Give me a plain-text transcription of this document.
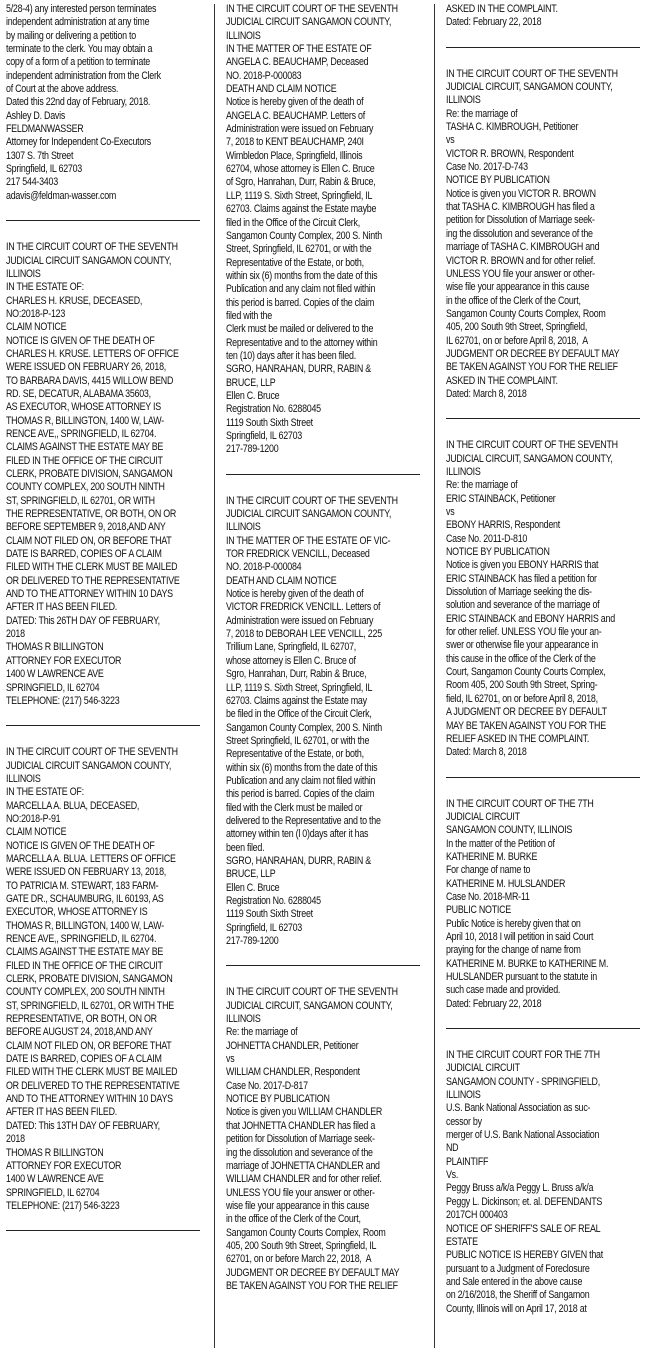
5/28-4) any interested person terminates
independent administration at any time
by mailing or delivering a petition to
terminate to the clerk. You may obtain a
copy of a form of a petition to terminate
independent administration from the Clerk
of Court at the above address.
Dated this 22nd day of February, 2018.
Ashley D. Davis
FELDMANWASSER
Attorney for Independent Co-Executors
1307 S. 7th Street
Springfield, IL 62703
217 544-3403
adavis@feldman-wasser.com
IN THE CIRCUIT COURT OF THE SEVENTH
JUDICIAL CIRCUIT SANGAMON COUNTY,
ILLINOIS
IN THE ESTATE OF:
CHARLES H. KRUSE, DECEASED,
NO:2018-P-123
CLAIM NOTICE
NOTICE IS GIVEN OF THE DEATH OF
CHARLES H. KRUSE. LETTERS OF OFFICE
WERE ISSUED ON FEBRUARY 26, 2018,
TO BARBARA DAVIS, 4415 WILLOW BEND
RD. SE, DECATUR, ALABAMA 35603,
AS EXECUTOR, WHOSE ATTORNEY IS
THOMAS R, BILLINGTON, 1400 W, LAW-
RENCE AVE,, SPRINGFIELD, IL 62704.
CLAIMS AGAINST THE ESTATE MAY BE
FILED IN THE OFFICE OF THE CIRCUIT
CLERK, PROBATE DIVISION, SANGAMON
COUNTY COMPLEX, 200 SOUTH NINTH
ST, SPRINGFIELD, IL 62701, OR WITH
THE REPRESENTATIVE, OR BOTH, ON OR
BEFORE SEPTEMBER 9, 2018,AND ANY
CLAIM NOT FILED ON, OR BEFORE THAT
DATE IS BARRED, COPIES OF A CLAIM
FILED WITH THE CLERK MUST BE MAILED
OR DELIVERED TO THE REPRESENTATIVE
AND TO THE ATTORNEY WITHIN 10 DAYS
AFTER IT HAS BEEN FILED.
DATED: This 26TH DAY OF FEBRUARY,
2018
THOMAS R BILLINGTON
ATTORNEY FOR EXECUTOR
1400 W LAWRENCE AVE
SPRINGFIELD, IL 62704
TELEPHONE: (217) 546-3223
IN THE CIRCUIT COURT OF THE SEVENTH
JUDICIAL CIRCUIT SANGAMON COUNTY,
ILLINOIS
IN THE ESTATE OF:
MARCELLA A. BLUA, DECEASED,
NO:2018-P-91
CLAIM NOTICE
NOTICE IS GIVEN OF THE DEATH OF
MARCELLA A. BLUA. LETTERS OF OFFICE
WERE ISSUED ON FEBRUARY 13, 2018,
TO PATRICIA M. STEWART, 183 FARM-
GATE DR., SCHAUMBURG, IL 60193, AS
EXECUTOR, WHOSE ATTORNEY IS
THOMAS R, BILLINGTON, 1400 W, LAW-
RENCE AVE,, SPRINGFIELD, IL 62704.
CLAIMS AGAINST THE ESTATE MAY BE
FILED IN THE OFFICE OF THE CIRCUIT
CLERK, PROBATE DIVISION, SANGAMON
COUNTY COMPLEX, 200 SOUTH NINTH
ST, SPRINGFIELD, IL 62701, OR WITH THE
REPRESENTATIVE, OR BOTH, ON OR
BEFORE AUGUST 24, 2018,AND ANY
CLAIM NOT FILED ON, OR BEFORE THAT
DATE IS BARRED, COPIES OF A CLAIM
FILED WITH THE CLERK MUST BE MAILED
OR DELIVERED TO THE REPRESENTATIVE
AND TO THE ATTORNEY WITHIN 10 DAYS
AFTER IT HAS BEEN FILED.
DATED: This 13TH DAY OF FEBRUARY,
2018
THOMAS R BILLINGTON
ATTORNEY FOR EXECUTOR
1400 W LAWRENCE AVE
SPRINGFIELD, IL 62704
TELEPHONE: (217) 546-3223
IN THE CIRCUIT COURT OF THE SEVENTH
JUDICIAL CIRCUIT SANGAMON COUNTY,
ILLINOIS
IN THE MATTER OF THE ESTATE OF
ANGELA C. BEAUCHAMP, Deceased
NO. 2018-P-000083
DEATH AND CLAIM NOTICE
Notice is hereby given of the death of
ANGELA C. BEAUCHAMP. Letters of
Administration were issued on February
7, 2018 to KENT BEAUCHAMP, 240I
Wimbledon Place, Springfield, Illinois
62704, whose attorney is Ellen C. Bruce
of Sgro, Hanrahan, Durr, Rabin & Bruce,
LLP, 1119 S. Sixth Street, Springfield, IL
62703. Claims against the Estate maybe
filed in the Office of the Circuit Clerk,
Sangamon County Complex, 200 S. Ninth
Street, Springfield, IL 62701, or with the
Representative of the Estate, or both,
within six (6) months from the date of this
Publication and any claim not filed within
this period is barred. Copies of the claim
filed with the
Clerk must be mailed or delivered to the
Representative and to the attorney within
ten (10) days after it has been filed.
SGRO, HANRAHAN, DURR, RABIN &
BRUCE, LLP
Ellen C. Bruce
Registration No. 6288045
1119 South Sixth Street
Springfield, IL 62703
217-789-1200
IN THE CIRCUIT COURT OF THE SEVENTH
JUDICIAL CIRCUIT SANGAMON COUNTY,
ILLINOIS
IN THE MATTER OF THE ESTATE OF VIC-
TOR FREDRICK VENCILL, Deceased
NO. 2018-P-000084
DEATH AND CLAIM NOTICE
Notice is hereby given of the death of
VICTOR FREDRICK VENCILL. Letters of
Administration were issued on February
7, 2018 to DEBORAH LEE VENCILL, 225
Trillium Lane, Springfield, IL 62707,
whose attorney is Ellen C. Bruce of
Sgro, Hanrahan, Durr, Rabin & Bruce,
LLP, 1119 S. Sixth Street, Springfield, IL
62703. Claims against the Estate may
be filed in the Office of the Circuit Clerk,
Sangamon County Complex, 200 S. Ninth
Street Springfield, IL 62701, or with the
Representative of the Estate, or both,
within six (6) months from the date of this
Publication and any claim not filed within
this period is barred. Copies of the claim
filed with the Clerk must be mailed or
delivered to the Representative and to the
attorney within ten (l 0)days after it has
been filed.
SGRO, HANRAHAN, DURR, RABIN &
BRUCE, LLP
Ellen C. Bruce
Registration No. 6288045
1119 South Sixth Street
Springfield, IL 62703
217-789-1200
IN THE CIRCUIT COURT OF THE SEVENTH
JUDICIAL CIRCUIT, SANGAMON COUNTY,
ILLINOIS
Re: the marriage of
JOHNETTA CHANDLER, Petitioner
vs
WILLIAM CHANDLER, Respondent
Case No. 2017-D-817
NOTICE BY PUBLICATION
Notice is given you WILLIAM CHANDLER
that JOHNETTA CHANDLER has filed a
petition for Dissolution of Marriage seek-
ing the dissolution and severance of the
marriage of JOHNETTA CHANDLER and
WILLIAM CHANDLER and for other relief.
UNLESS YOU file your answer or other-
wise file your appearance in this cause
in the office of the Clerk of the Court,
Sangamon County Courts Complex, Room
405, 200 South 9th Street, Springfield, IL
62701, on or before March 22, 2018,  A
JUDGMENT OR DECREE BY DEFAULT MAY
BE TAKEN AGAINST YOU FOR THE RELIEF
ASKED IN THE COMPLAINT.
Dated: February 22, 2018
IN THE CIRCUIT COURT OF THE SEVENTH
JUDICIAL CIRCUIT, SANGAMON COUNTY,
ILLINOIS
Re: the marriage of
TASHA C. KIMBROUGH, Petitioner
vs
VICTOR R. BROWN, Respondent
Case No. 2017-D-743
NOTICE BY PUBLICATION
Notice is given you VICTOR R. BROWN
that TASHA C. KIMBROUGH has filed a
petition for Dissolution of Marriage seek-
ing the dissolution and severance of the
marriage of TASHA C. KIMBROUGH and
VICTOR R. BROWN and for other relief.
UNLESS YOU file your answer or other-
wise file your appearance in this cause
in the office of the Clerk of the Court,
Sangamon County Courts Complex, Room
405, 200 South 9th Street, Springfield,
IL 62701, on or before April 8, 2018,  A
JUDGMENT OR DECREE BY DEFAULT MAY
BE TAKEN AGAINST YOU FOR THE RELIEF
ASKED IN THE COMPLAINT.
Dated: March 8, 2018
IN THE CIRCUIT COURT OF THE SEVENTH
JUDICIAL CIRCUIT, SANGAMON COUNTY,
ILLINOIS
Re: the marriage of
ERIC STAINBACK, Petitioner
vs
EBONY HARRIS, Respondent
Case No. 2011-D-810
NOTICE BY PUBLICATION
Notice is given you EBONY HARRIS that
ERIC STAINBACK has filed a petition for
Dissolution of Marriage seeking the dis-
solution and severance of the marriage of
ERIC STAINBACK and EBONY HARRIS and
for other relief. UNLESS YOU file your an-
swer or otherwise file your appearance in
this cause in the office of the Clerk of the
Court, Sangamon County Courts Complex,
Room 405, 200 South 9th Street, Spring-
field, IL 62701, on or before April 8, 2018,
A JUDGMENT OR DECREE BY DEFAULT
MAY BE TAKEN AGAINST YOU FOR THE
RELIEF ASKED IN THE COMPLAINT.
Dated: March 8, 2018
IN THE CIRCUIT COURT OF THE 7TH
JUDICIAL CIRCUIT
SANGAMON COUNTY, ILLINOIS
In the matter of the Petition of
KATHERINE M. BURKE
For change of name to
KATHERINE M. HULSLANDER
Case No. 2018-MR-11
PUBLIC NOTICE
Public Notice is hereby given that on
April 10, 2018 I will petition in said Court
praying for the change of name from
KATHERINE M. BURKE to KATHERINE M.
HULSLANDER pursuant to the statute in
such case made and provided.
Dated: February 22, 2018
IN THE CIRCUIT COURT FOR THE 7TH
JUDICIAL CIRCUIT
SANGAMON COUNTY - SPRINGFIELD,
ILLINOIS
U.S. Bank National Association as suc-
cessor by
merger of U.S. Bank National Association
ND
PLAINTIFF
Vs.
Peggy Bruss a/k/a Peggy L. Bruss a/k/a
Peggy L. Dickinson; et. al. DEFENDANTS
2017CH 000403
NOTICE OF SHERIFF'S SALE OF REAL
ESTATE
PUBLIC NOTICE IS HEREBY GIVEN that
pursuant to a Judgment of Foreclosure
and Sale entered in the above cause
on 2/16/2018, the Sheriff of Sangamon
County, Illinois will on April 17, 2018 at
